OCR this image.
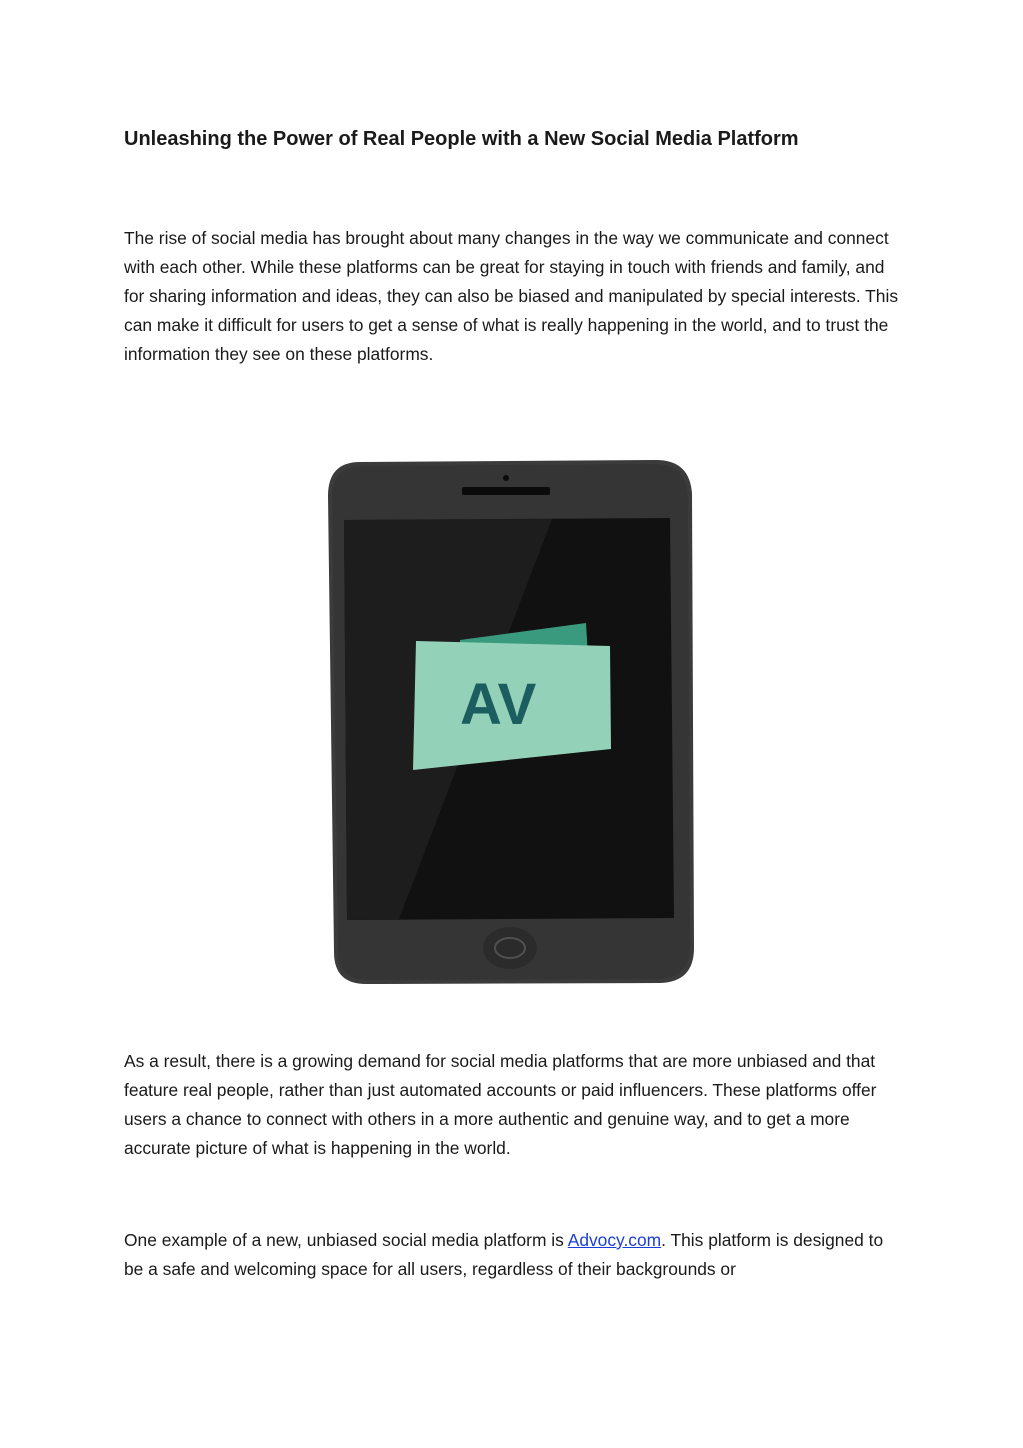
Unleashing the Power of Real People with a New Social Media Platform

The rise of social media has brought about many changes in the way we communicate and connect with each other. While these platforms can be great for staying in touch with friends and family, and for sharing information and ideas, they can also be biased and manipulated by special interests. This can make it difficult for users to get a sense of what is really happening in the world, and to trust the information they see on these platforms.

AV

As a result, there is a growing demand for social media platforms that are more unbiased and that feature real people, rather than just automated accounts or paid influencers. These platforms offer users a chance to connect with others in a more authentic and genuine way, and to get a more accurate picture of what is happening in the world.

One example of a new, unbiased social media platform is Advocy.com. This platform is designed to be a safe and welcoming space for all users, regardless of their backgrounds or
